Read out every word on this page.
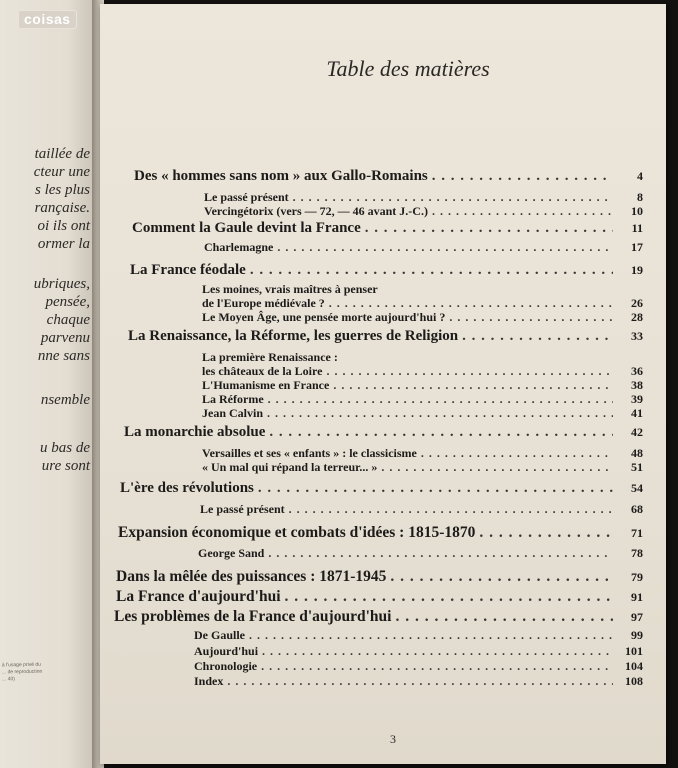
coisas
taillée de
cteur une
s les plus
rançaise.
oi ils ont
ormer la
ubriques,
pensée,
chaque
parvenu
nne sans
nsemble
u bas de
ure sont
à l'usage privé du ... de reproduction ... 40)
Table des matières
Des « hommes sans nom » aux Gallo-Romains . . .	4
Le passé présent . . .	8
Vercingétorix (vers — 72, — 46 avant J.-C.) . . .	10
Comment la Gaule devint la France . . .	11
Charlemagne . . .	17
La France féodale . . .	19
Les moines, vrais maîtres à penser
de l'Europe médiévale ? . . .	26
Le Moyen Âge, une pensée morte aujourd'hui ? . . .	28
La Renaissance, la Réforme, les guerres de Religion . . .	33
La première Renaissance :
les châteaux de la Loire . . .	36
L'Humanisme en France . . .	38
La Réforme . . .	39
Jean Calvin . . .	41
La monarchie absolue . . .	42
Versailles et ses « enfants » : le classicisme . . .	48
« Un mal qui répand la terreur... » . . .	51
L'ère des révolutions . . .	54
Le passé présent . . .	68
Expansion économique et combats d'idées : 1815-1870 . . .	71
George Sand . . .	78
Dans la mêlée des puissances : 1871-1945 . . .	79
La France d'aujourd'hui . . .	91
Les problèmes de la France d'aujourd'hui . . .	97
De Gaulle . . .	99
Aujourd'hui . . .	101
Chronologie . . .	104
Index . . .	108
3
